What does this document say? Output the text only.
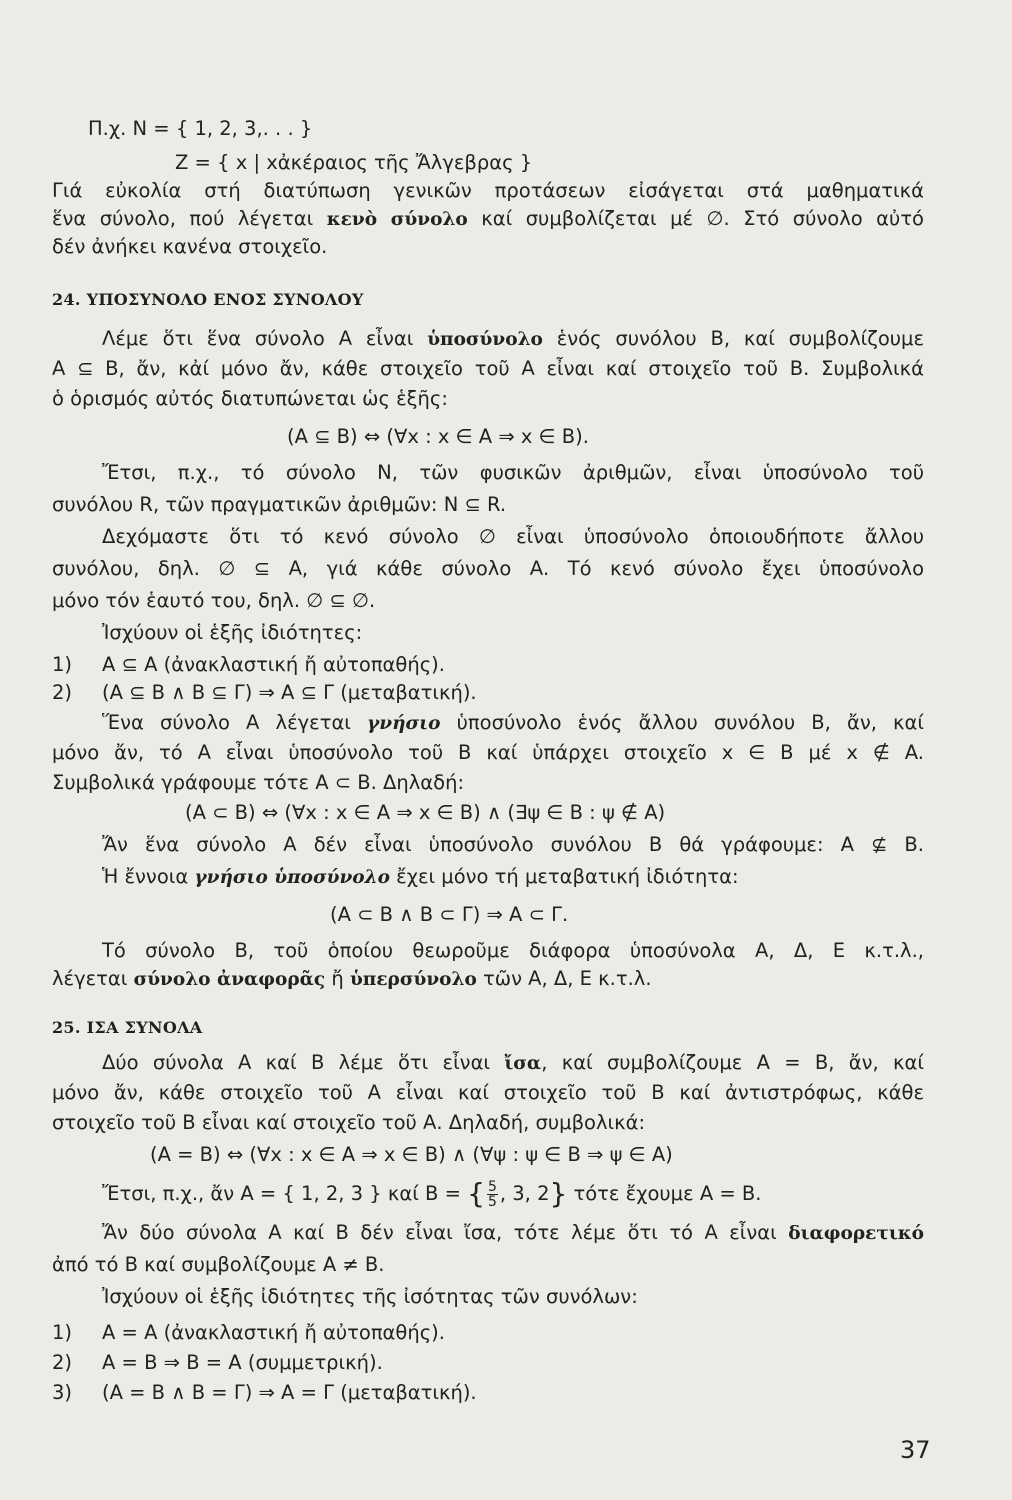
Π.χ. N = { 1, 2, 3,. . . }
Z = { x | xἀκέραιος τῆς Ἄλγεβρας }
Γιά εὐκολία στή διατύπωση γενικῶν προτάσεων εἰσάγεται στά μαθηματικά
ἕνα σύνολο, πού λέγεται κενὸ σύνολο καί συμβολίζεται μέ ∅. Στό σύνολο αὐτό
δέν ἀνήκει κανένα στοιχεῖο.
24. ΥΠΟΣΥΝΟΛΟ ΕΝΟΣ ΣΥΝΟΛΟΥ
Λέμε ὅτι ἕνα σύνολο Α εἶναι ὑποσύνολο ἑνός συνόλου Β, καί συμβολίζουμε
Α ⊆ Β, ἄν, κἀί μόνο ἄν, κάθε στοιχεῖο τοῦ Α εἶναι καί στοιχεῖο τοῦ Β. Συμβολικά
ὁ ὁρισμός αὐτός διατυπώνεται ὡς ἑξῆς:
(A ⊆ B) ⇔ (∀x : x ∈ A ⇒ x ∈ B).
Ἔτσι, π.χ., τό σύνολο Ν, τῶν φυσικῶν ἀριθμῶν, εἶναι ὑποσύνολο τοῦ
συνόλου R, τῶν πραγματικῶν ἀριθμῶν: N ⊆ R.
Δεχόμαστε ὅτι τό κενό σύνολο ∅ εἶναι ὑποσύνολο ὁποιουδήποτε ἄλλου
συνόλου, δηλ. ∅ ⊆ Α, γιά κάθε σύνολο Α. Τό κενό σύνολο ἔχει ὑποσύνολο
μόνο τόν ἑαυτό του, δηλ. ∅ ⊆ ∅.
Ἰσχύουν οἱ ἑξῆς ἰδιότητες:
1)	A ⊆ A (ἀνακλαστική ἤ αὐτοπαθής).
2)	(A ⊆ B ∧ B ⊆ Γ) ⇒ A ⊆ Γ (μεταβατική).
Ἕνα σύνολο Α λέγεται γνήσιο ὑποσύνολο ἑνός ἄλλου συνόλου Β, ἄν, καί
μόνο ἄν, τό Α εἶναι ὑποσύνολο τοῦ Β καί ὑπάρχει στοιχεῖο x ∈ B μέ x ∉ A.
Συμβολικά γράφουμε τότε A ⊂ B. Δηλαδή:
(A ⊂ B) ⇔ (∀x : x ∈ A ⇒ x ∈ B) ∧ (∃ψ ∈ B : ψ ∉ A)
Ἄν ἕνα σύνολο Α δέν εἶναι ὑποσύνολο συνόλου Β θά γράφουμε: A ⊈ B.
Ἡ ἔννοια γνήσιο ὑποσύνολο ἔχει μόνο τή μεταβατική ἰδιότητα:
(A ⊂ B ∧ B ⊂ Γ) ⇒ A ⊂ Γ.
Τό σύνολο Β, τοῦ ὁποίου θεωροῦμε διάφορα ὑποσύνολα Α, Δ, Ε κ.τ.λ.,
λέγεται σύνολο ἀναφορᾶς ἤ ὑπερσύνολο τῶν Α, Δ, Ε κ.τ.λ.
25. ΙΣΑ ΣΥΝΟΛΑ
Δύο σύνολα Α καί Β λέμε ὅτι εἶναι ἴσα, καί συμβολίζουμε A = B, ἄν, καί
μόνο ἄν, κάθε στοιχεῖο τοῦ Α εἶναι καί στοιχεῖο τοῦ Β καί ἀντιστρόφως, κάθε
στοιχεῖο τοῦ Β εἶναι καί στοιχεῖο τοῦ Α. Δηλαδή, συμβολικά:
(A = B) ⇔ (∀x : x ∈ A ⇒ x ∈ B) ∧ (∀ψ : ψ ∈ B ⇒ ψ ∈ A)
Ἔτσι, π.χ., ἄν A = { 1, 2, 3 } καί B = { $\frac{5}{5}$ , 3, 2} τότε ἔχουμε A = B.
Ἄν δύο σύνολα Α καί Β δέν εἶναι ἴσα, τότε λέμε ὅτι τό Α εἶναι διαφορετικό
ἀπό τό Β καί συμβολίζουμε A ≠ B.
Ἰσχύουν οἱ ἑξῆς ἰδιότητες τῆς ἰσότητας τῶν συνόλων:
1)	A = A (ἀνακλαστική ἤ αὐτοπαθής).
2)	A = B ⇒ B = A (συμμετρική).
3)	(A = B ∧ B = Γ) ⇒ A = Γ (μεταβατική).
37
